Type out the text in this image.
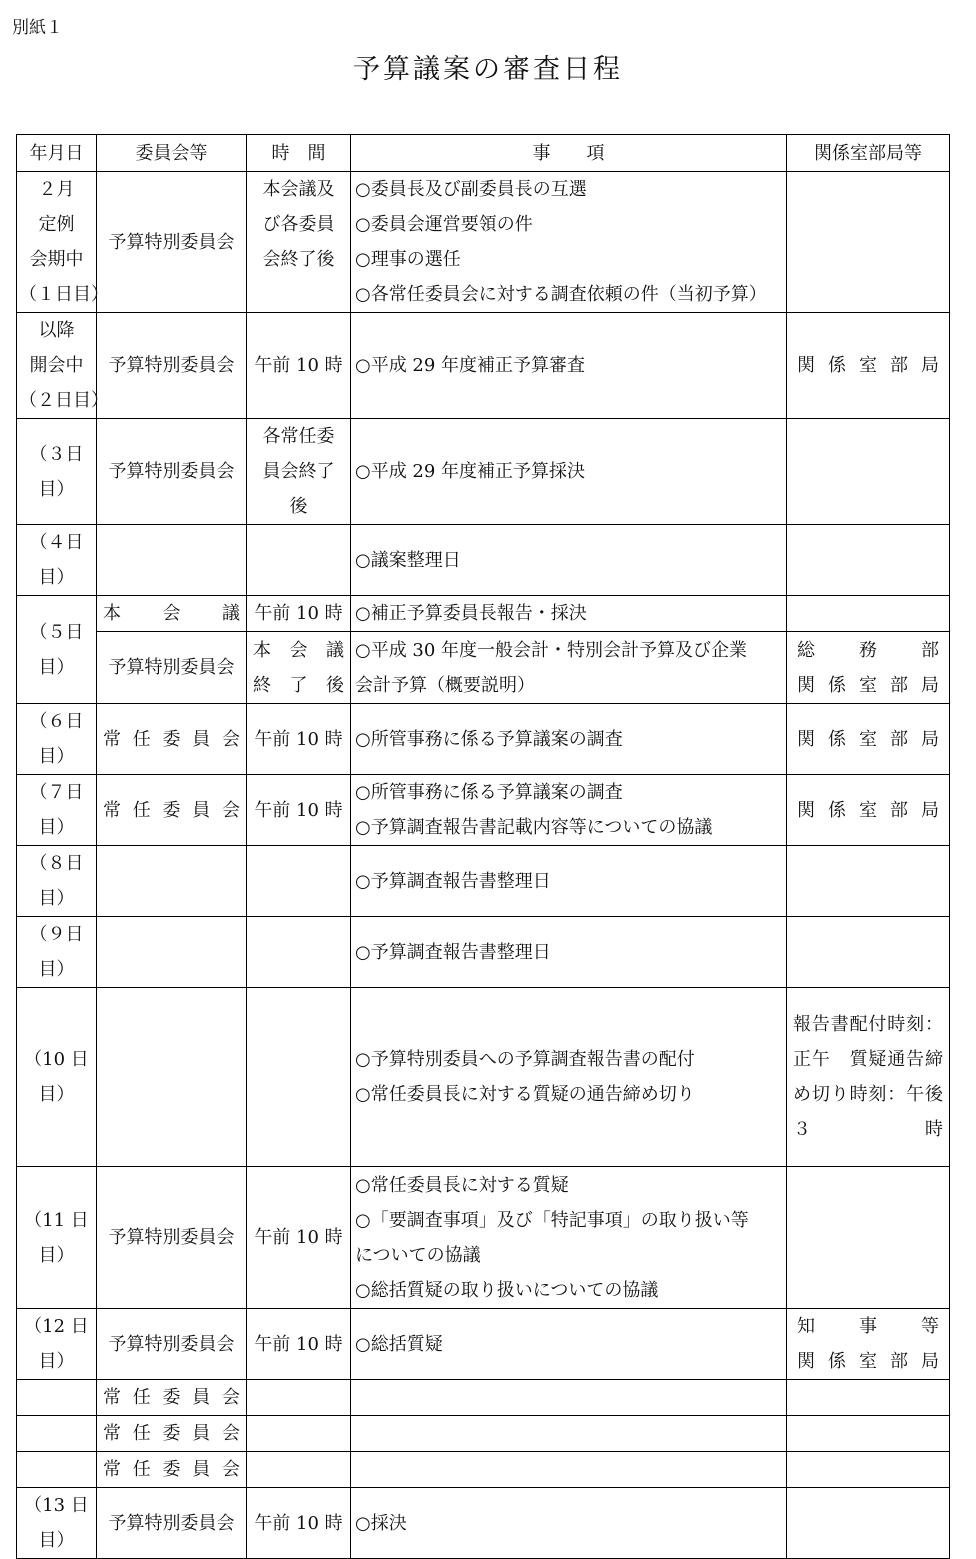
別紙１
予算議案の審査日程
年月日	委員会等	時　間	事　　項	関係室部局等

２月
定例
会期中
（１日目）	予算特別委員会	本会議及
び各委員
会終了後	○委員長及び副委員長の互選
○委員会運営要領の件
○理事の選任
○各常任委員会に対する調査依頼の件（当初予算）	

以降
開会中
（２日目）	予算特別委員会	午前 10 時	○平成 29 年度補正予算審査	関係室部局

（３日目）	予算特別委員会	各常任委
員会終了
後	○平成 29 年度補正予算採決	

（４日目）			○議案整理日	

（５日目）	本会議	午前 10 時	○補正予算委員長報告・採決	

	予算特別委員会	本会議
終了後	○平成 30 年度一般会計・特別会計予算及び企業
会計予算（概要説明）	総務部
関係室部局

（６日目）	常任委員会	午前 10 時	○所管事務に係る予算議案の調査	関係室部局

（７日目）	常任委員会	午前 10 時	○所管事務に係る予算議案の調査
○予算調査報告書記載内容等についての協議	関係室部局

（８日目）			○予算調査報告書整理日	

（９日目）			○予算調査報告書整理日	

（10 日目）			○予算特別委員への予算調査報告書の配付
○常任委員長に対する質疑の通告締め切り	報告書配付時刻：正午　質疑通告締め切り時刻：午後３時

（11 日目）	予算特別委員会	午前 10 時	○常任委員長に対する質疑
○「要調査事項」及び「特記事項」の取り扱い等
についての協議
○総括質疑の取り扱いについての協議	

（12 日目）	予算特別委員会	午前 10 時	○総括質疑	知事等
関係室部局

	常任委員会			

	常任委員会			

	常任委員会			

（13 日目）	予算特別委員会	午前 10 時	○採決	
